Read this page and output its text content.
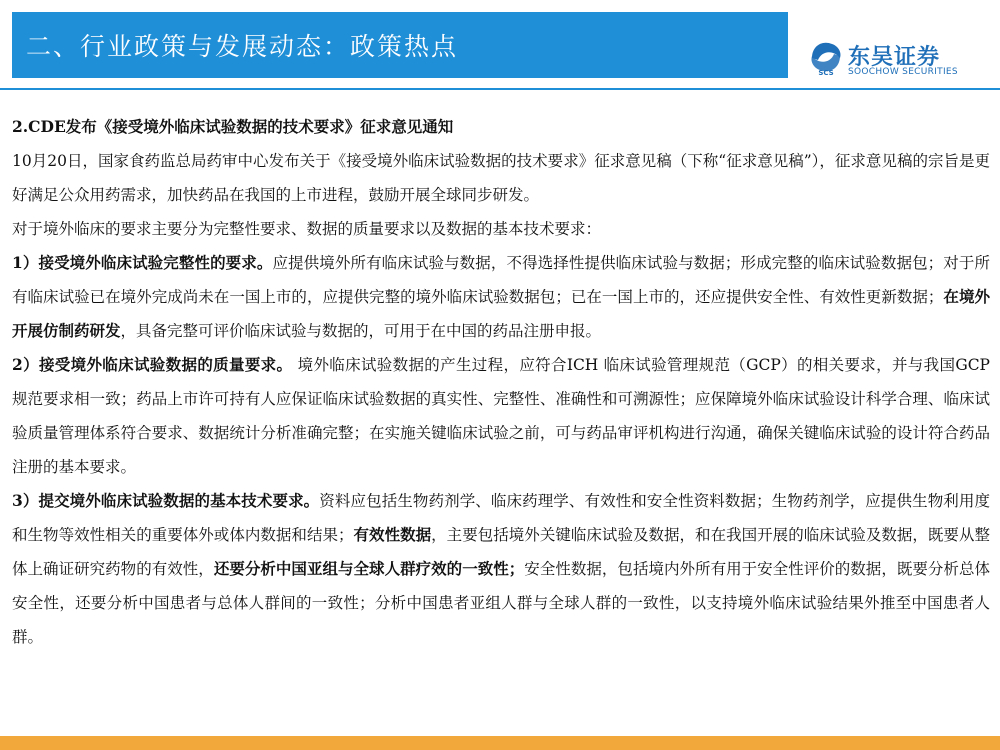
二、行业政策与发展动态：政策热点
SCS
东吴证券
SOOCHOW SECURITIES

2.CDE发布《接受境外临床试验数据的技术要求》征求意见通知

10月20日，国家食药监总局药审中心发布关于《接受境外临床试验数据的技术要求》征求意见稿（下称“征求意见稿”），征求意见稿的宗旨是更好满足公众用药需求，加快药品在我国的上市进程，鼓励开展全球同步研发。

对于境外临床的要求主要分为完整性要求、数据的质量要求以及数据的基本技术要求：

1）接受境外临床试验完整性的要求。应提供境外所有临床试验与数据，不得选择性提供临床试验与数据；形成完整的临床试验数据包；对于所有临床试验已在境外完成尚未在一国上市的，应提供完整的境外临床试验数据包；已在一国上市的，还应提供安全性、有效性更新数据；在境外开展仿制药研发，具备完整可评价临床试验与数据的，可用于在中国的药品注册申报。

2）接受境外临床试验数据的质量要求。 境外临床试验数据的产生过程，应符合ICH 临床试验管理规范（GCP）的相关要求，并与我国GCP 规范要求相一致；药品上市许可持有人应保证临床试验数据的真实性、完整性、准确性和可溯源性；应保障境外临床试验设计科学合理、临床试验质量管理体系符合要求、数据统计分析准确完整；在实施关键临床试验之前，可与药品审评机构进行沟通，确保关键临床试验的设计符合药品注册的基本要求。

3）提交境外临床试验数据的基本技术要求。资料应包括生物药剂学、临床药理学、有效性和安全性资料数据；生物药剂学，应提供生物利用度和生物等效性相关的重要体外或体内数据和结果；有效性数据，主要包括境外关键临床试验及数据，和在我国开展的临床试验及数据，既要从整体上确证研究药物的有效性，还要分析中国亚组与全球人群疗效的一致性；安全性数据，包括境内外所有用于安全性评价的数据，既要分析总体安全性，还要分析中国患者与总体人群间的一致性；分析中国患者亚组人群与全球人群的一致性，以支持境外临床试验结果外推至中国患者人群。
